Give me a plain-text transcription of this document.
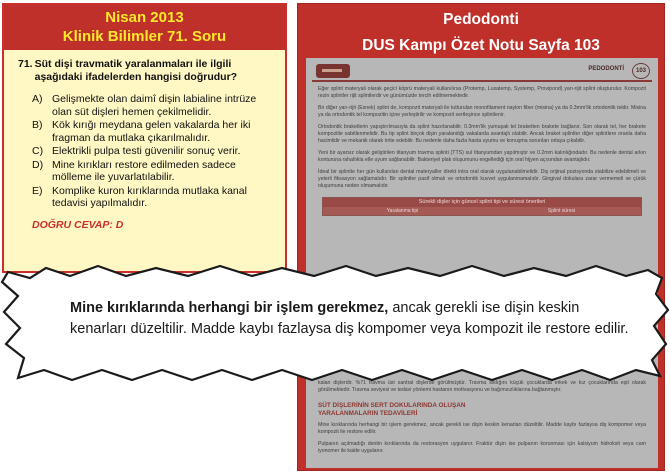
Nisan 2013
Klinik Bilimler 71. Soru
71. Süt dişi travmatik yaralanmaları ile ilgili aşağıdaki ifadelerden hangisi doğrudur?
A) Gelişmekte olan daimî dişin labialine intrüze olan süt dişleri hemen çekilmelidir.
B) Kök kırığı meydana gelen vakalarda her iki fragman da mutlaka çıkarılmalıdır.
C) Elektrikli pulpa testi güvenilir sonuç verir.
D) Mine kırıkları restore edilmeden sadece mölleme ile yuvarlatılabilir.
E) Komplike kuron kırıklarında mutlaka kanal tedavisi yapılmalıdır.
DOĞRU CEVAP: D
Pedodonti
DUS Kampı Özet Notu Sayfa 103
PEDODONTİ	103

Eğer splint materyali olarak geçici köprü materyali kullanılırsa (Protemp, Luxatemp, Systemp, Provipond) yarı-rijit splint oluşturulur. Kompozit rezin splintler rijit splintlerdir ve günümüzde tercih edilmemektedir.

Bir diğer yarı-rijit (Esnek) splint de, kompozit materyali ile tutturulan monofilament naylon fiber (misina) ya da 0.3mm'lik ortodontik teldir. Misina ya da ortodontik tel kompozitin içine yerleştirilir ve kompozit sertleşince splintlenir.

Ortodontik braketlerin yapıştırılmasıyla da splint hazırlanabilir. 0.3mm'lik yumuşak tel braketten brakete bağlanır. Son olarak tel, her brakete kompozitle sabitlenmelidir. Bu tip splint birçok dişin yaralandığı vakalarda avantajlı olabilir. Ancak braket splintler diğer splintlere oranla daha hacimlidir ve mekanik olarak irrite edebilir. Bu nedenle daha fazla hasta uyumu ve konuşma sorunları ortaya çıkabilir.

Yeni bir ayarsız olarak geliştirilen titanyum travma splinti (TTS) sul titanyumdan yapılmıştır ve 0.2mm kalınlığındadır. Bu nedenle dental arkın konturuna rahatlıkla elle uyum sağlanabilir. Bakteriyel plak oluşumunu engellediği için oral hijyen açısından avantajlıdır.

İdeal bir splintte her gün kullanılan dental materyaller direkt intra oral olarak uygulanabilmelidir. Diş orijinal pozisyonda stabilize edebilmeli ve yeterli fiksasyon sağlamalıdır. Bir splintler pasif olmalı ve ortodontik kuvvet uygulanmamalıdır. Gingival dokulara zarar vermemeli ve çürük oluşumuna neden olmamalıdır.

Sürekli dişler için güncel splint tipi ve süresi önerileri
Yaralanma tipi	Splint süresi

kalan dişlerdir. %71 travma üst santral dişlerde görülmüştür. Travma sıklığını küçük çocuklarda erkek ve kız çocuklarında eşit olarak görülmektedir. Travma seviyesi ve tedavi yöntemi hastanın motivasyonu ve bağımsızlıklarına bağlanmıştır.

SÜT DİŞLERİNİN SERT DOKULARINDA OLUŞAN
YARALANMALARIN TEDAVİLERİ

Mine kırıklarında herhangi bir işlem gerekmez, ancak gerekli ise dişin keskin kenarları düzeltilir. Madde kaybı fazlaysa diş kompomer veya kompozit ile restore edilir.

Pulpanın açılmadığı dentin kırıklarında da restorasyon uygulanır. Fraktür dişin ise pulpanın korunması için kalsiyum hidroksit veya cam iyonomer ile kaide uygulanır.

Mine kırıklarında herhangi bir işlem gerekmez, ancak gerekli ise dişin keskin kenarları düzeltilir. Madde kaybı fazlaysa diş kompomer veya kompozit ile restore edilir.
